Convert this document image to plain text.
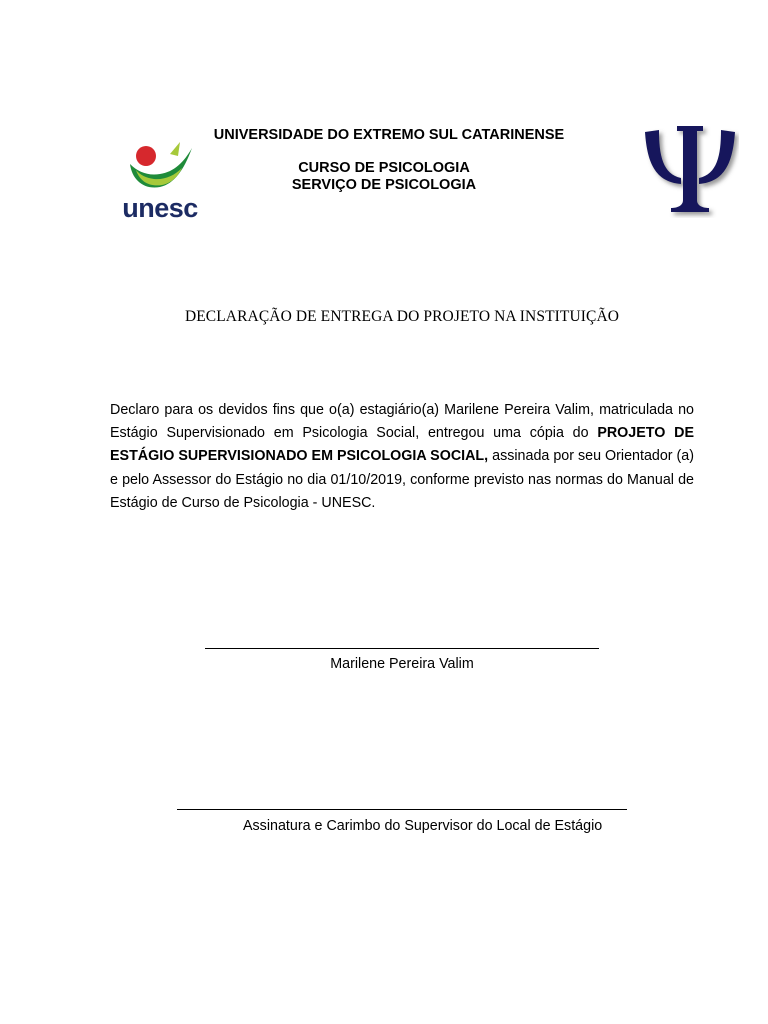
unesc
UNIVERSIDADE DO EXTREMO SUL CATARINENSE
CURSO DE PSICOLOGIA
SERVIÇO DE PSICOLOGIA
DECLARAÇÃO DE ENTREGA DO PROJETO NA INSTITUIÇÃO
Declaro para os devidos fins que o(a) estagiário(a) Marilene Pereira Valim, matriculada no Estágio Supervisionado em Psicologia Social, entregou uma cópia do PROJETO DE ESTÁGIO SUPERVISIONADO EM PSICOLOGIA SOCIAL, assinada por seu Orientador (a) e pelo Assessor do Estágio no dia 01/10/2019, conforme previsto nas normas do Manual de Estágio de Curso de Psicologia - UNESC.
Marilene Pereira Valim
Assinatura e Carimbo do Supervisor do Local de Estágio
